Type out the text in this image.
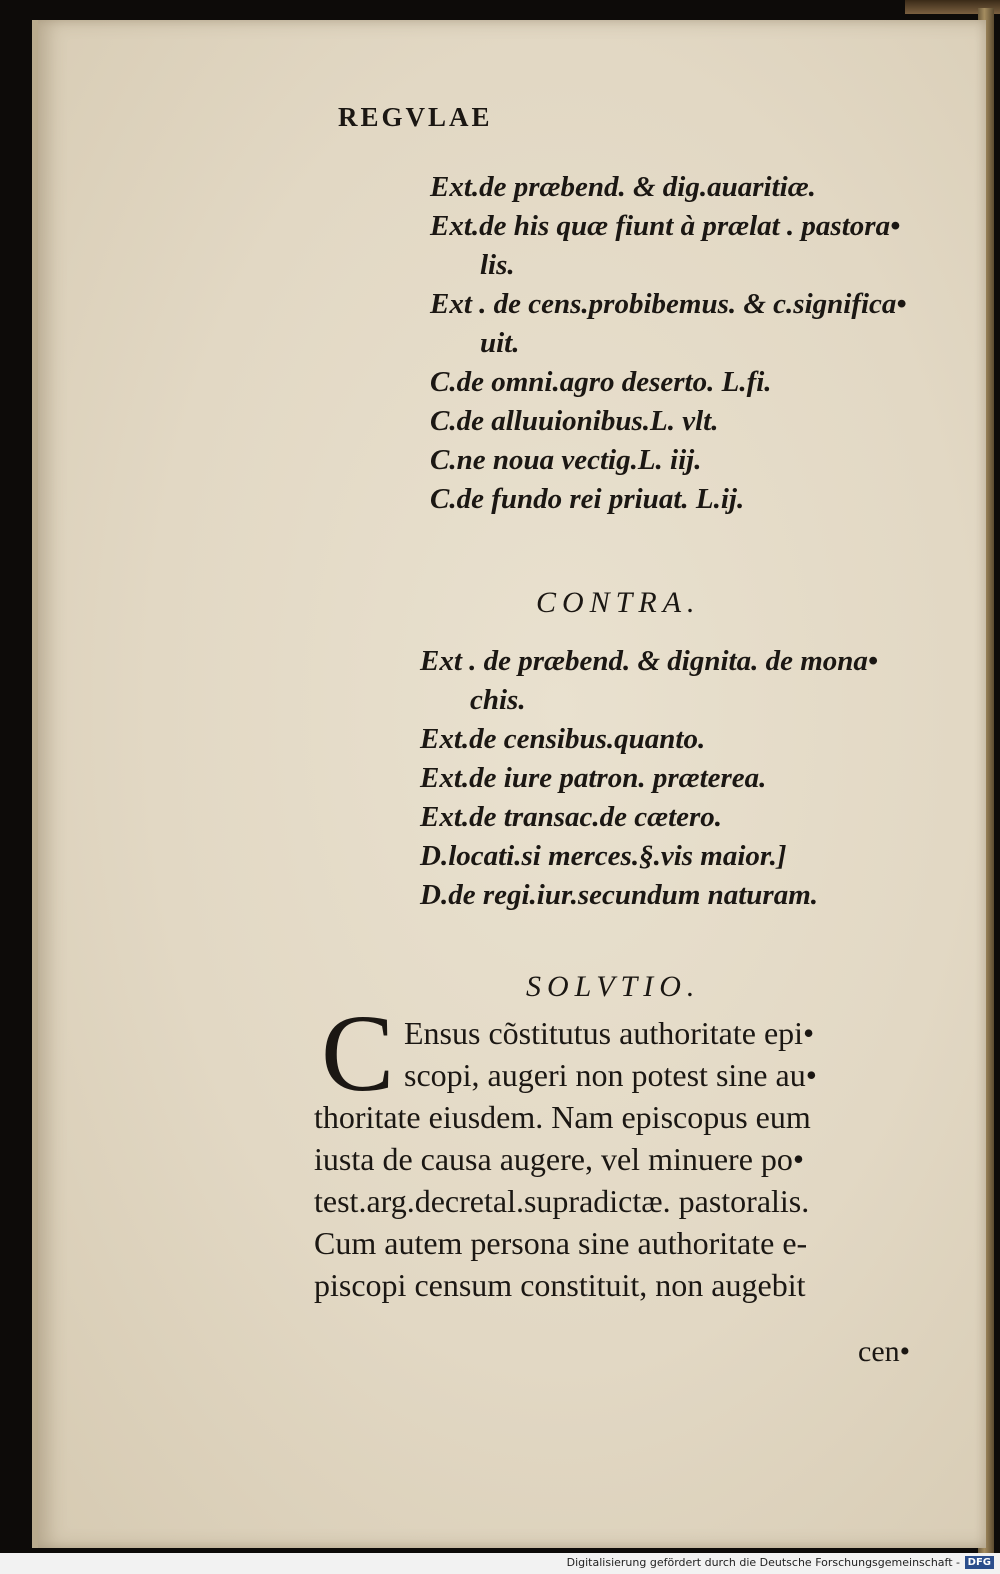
REGVLAE
Ext.de præbend. & dig.auaritiæ.
Ext.de his quæ fiunt à prælat . pastora•
lis.
Ext . de cens.probibemus. & c.significa•
uit.
C.de omni.agro deserto. L.fi.
C.de alluuionibus.L. vlt.
C.ne noua vectig.L. iij.
C.de fundo rei priuat. L.ij.
CONTRA.
Ext . de præbend. & dignita. de mona•
chis.
Ext.de censibus.quanto.
Ext.de iure patron. præterea.
Ext.de transac.de cætero.
D.locati.si merces.§.vis maior.]
D.de regi.iur.secundum naturam.
SOLVTIO.
C Ensus cõstitutus authoritate epi•
scopi, augeri non potest sine au•
thoritate eiusdem. Nam episcopus eum
iusta de causa augere, vel minuere po•
test.arg.decretal.supradictæ. pastoralis.
Cum autem persona sine authoritate e-
piscopi censum constituit, non augebit
cen•
Digitalisierung gefördert durch die Deutsche Forschungsgemeinschaft - DFG
